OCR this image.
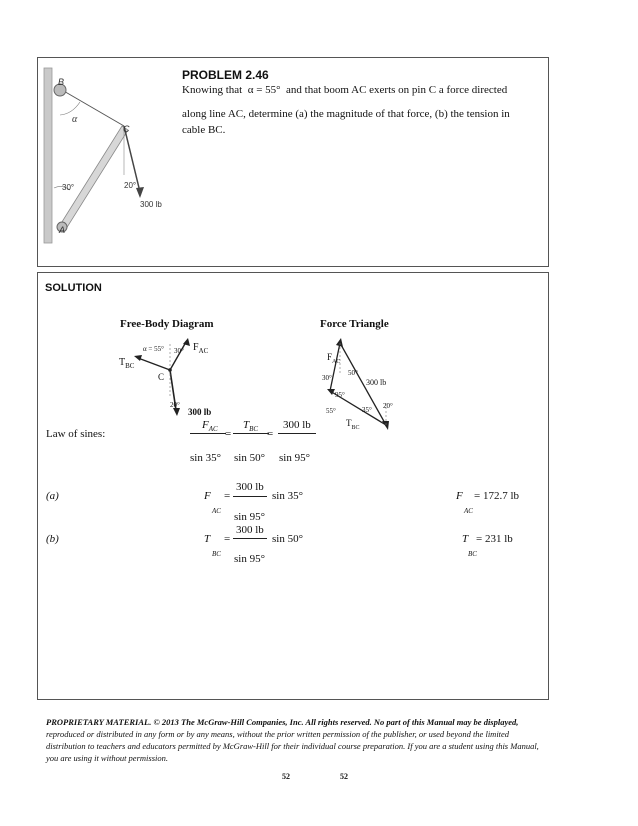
B
α
C
30°	20°
300 lb
A
PROBLEM 2.46
Knowing that  α = 55°  and that boom AC exerts on pin C a force directed
along line AC, determine (a) the magnitude of that force, (b) the tension in
cable BC.
SOLUTION
Free-Body Diagram	Force Triangle
$T_{BC}$
$F_{AC}$
α = 55° 30°
C
20°
300 lb
$F_{AC}$
50°
30°	300 lb
95°
55°	35° 20°
$T_{BC}$
Law of sines:
$F_{AC}$ =
$T_{BC}$ =
300 lb
sin 35° sin 50° sin 95°
(a)	F
AC
=
300 lb
sin 95°
sin 35°	F
AC
= 172.7 lb
(b)	T
BC
=
300 lb
sin 95°
sin 50°	T
BC
= 231 lb
PROPRIETARY MATERIAL. © 2013 The McGraw-Hill Companies, Inc. All rights reserved. No part of this Manual may be displayed,
reproduced or distributed in any form or by any means, without the prior written permission of the publisher, or used beyond the limited
distribution to teachers and educators permitted by McGraw-Hill for their individual course preparation. If you are a student using this Manual,
you are using it without permission.
52	52
